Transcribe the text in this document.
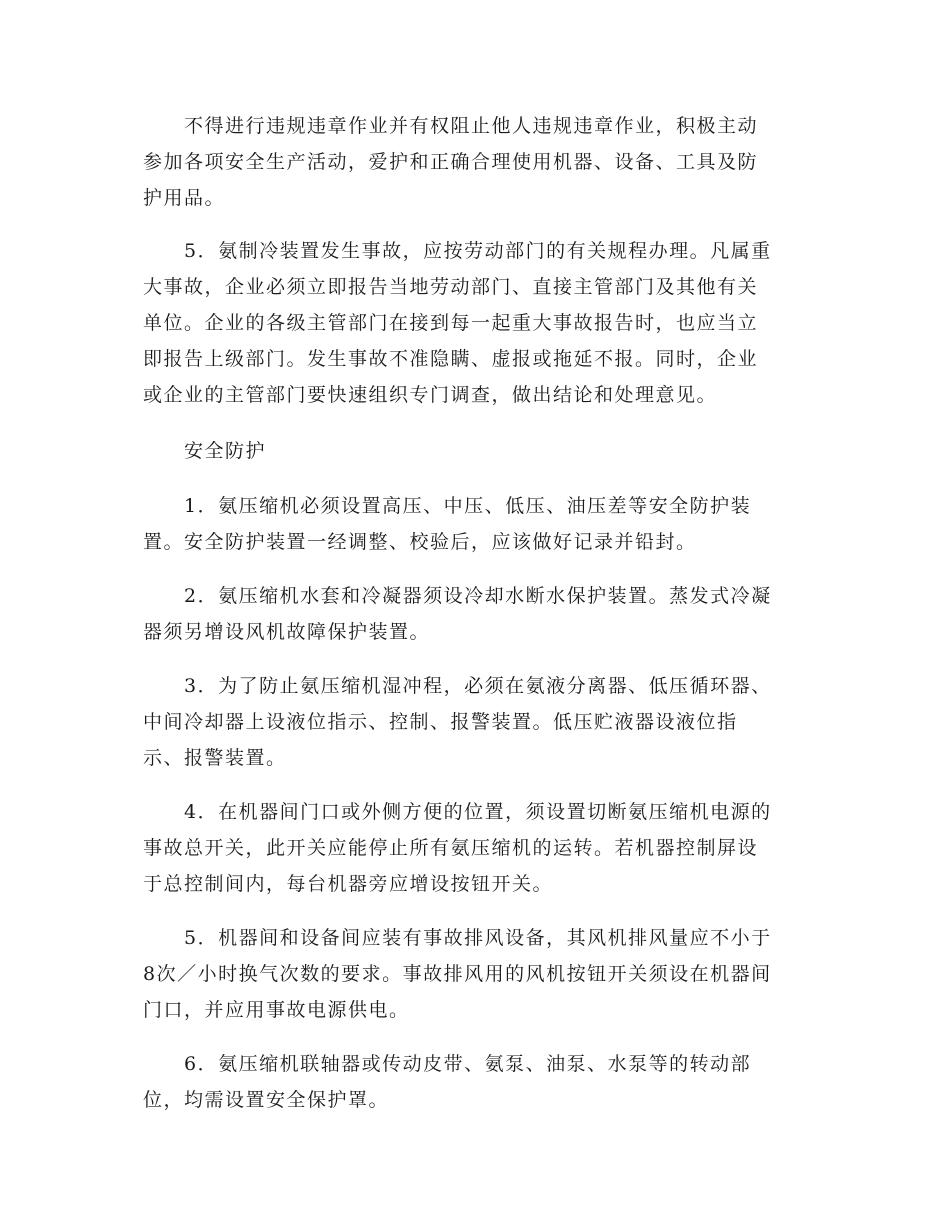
不得进行违规违章作业并有权阻止他人违规违章作业，积极主动
参加各项安全生产活动，爱护和正确合理使用机器、设备、工具及防
护用品。

5．氨制冷装置发生事故，应按劳动部门的有关规程办理。凡属重
大事故，企业必须立即报告当地劳动部门、直接主管部门及其他有关
单位。企业的各级主管部门在接到每一起重大事故报告时，也应当立
即报告上级部门。发生事故不准隐瞒、虚报或拖延不报。同时，企业
或企业的主管部门要快速组织专门调查，做出结论和处理意见。

安全防护

1．氨压缩机必须设置高压、中压、低压、油压差等安全防护装
置。安全防护装置一经调整、校验后，应该做好记录并铅封。

2．氨压缩机水套和冷凝器须设冷却水断水保护装置。蒸发式冷凝
器须另增设风机故障保护装置。

3．为了防止氨压缩机湿冲程，必须在氨液分离器、低压循环器、
中间冷却器上设液位指示、控制、报警装置。低压贮液器设液位指
示、报警装置。

4．在机器间门口或外侧方便的位置，须设置切断氨压缩机电源的
事故总开关，此开关应能停止所有氨压缩机的运转。若机器控制屏设
于总控制间内，每台机器旁应增设按钮开关。

5．机器间和设备间应装有事故排风设备，其风机排风量应不小于
8次／小时换气次数的要求。事故排风用的风机按钮开关须设在机器间
门口，并应用事故电源供电。

6．氨压缩机联轴器或传动皮带、氨泵、油泵、水泵等的转动部
位，均需设置安全保护罩。
